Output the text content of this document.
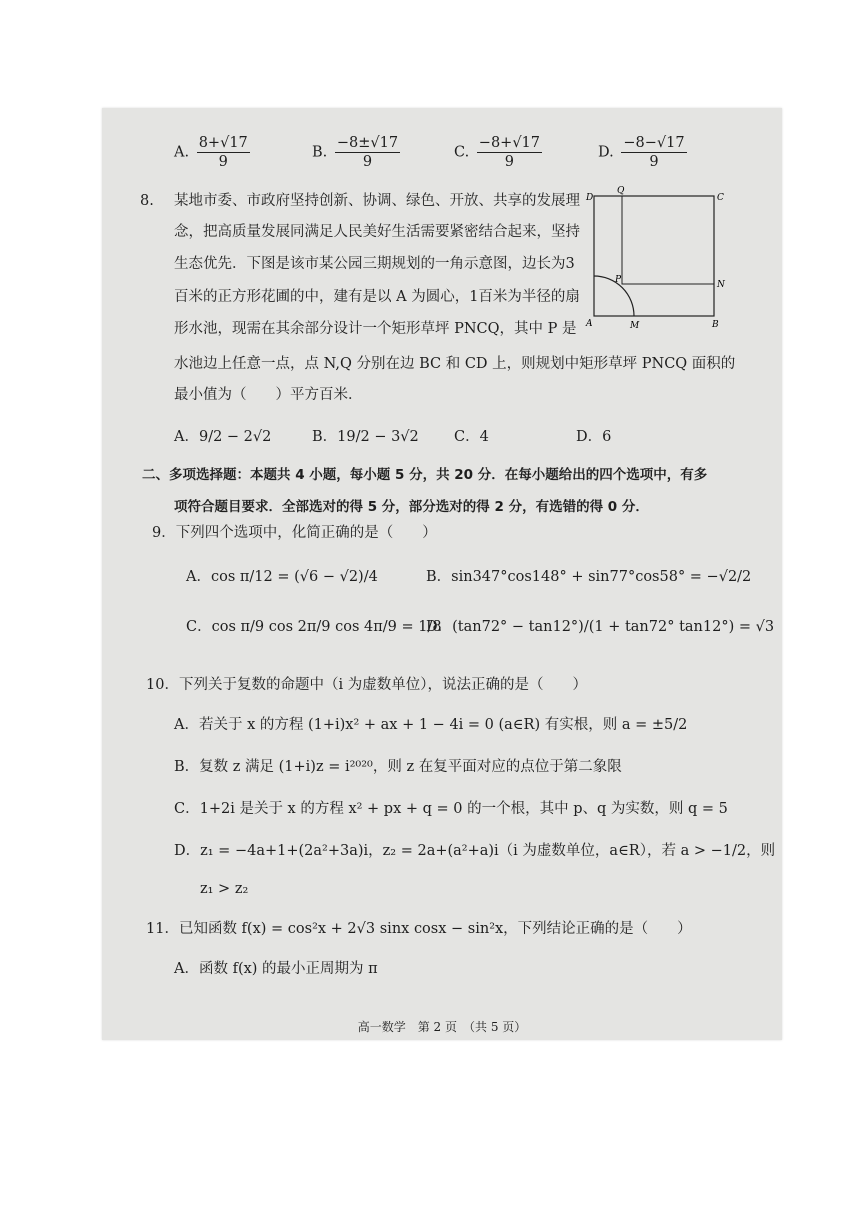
A. $\frac{8+√17}{9}$	B. $\frac{-8\pm√17}{9}$	C. $\frac{-8+√17}{9}$	D. $\frac{-8-√17}{9}$
8. 某地市委、市政府坚持创新、协调、绿色、开放、共享的发展理
念，把高质量发展同满足人民美好生活需要紧密结合起来，坚持
生态优先．下图是该市某公园三期规划的一角示意图，边长为3
百米的正方形花圃的中，建有是以 A 为圆心，1百米为半径的扇
形水池，现需在其余部分设计一个矩形草坪 PNCQ，其中 P 是
水池边上任意一点，点 N,Q 分别在边 BC 和 CD 上，则规划中矩形草坪 PNCQ 面积的
最小值为（　　）平方百米．
A．9/2 − 2√2	B．19/2 − 3√2 C．4	D．6
二、多项选择题：本题共 4 小题，每小题 5 分，共 20 分．在每小题给出的四个选项中，有多
项符合题目要求．全部选对的得 5 分，部分选对的得 2 分，有选错的得 0 分．
9．下列四个选项中，化简正确的是（　　）
A．cos π/12 = (√6 − √2)/4	B．sin347°cos148° + sin77°cos58° = −√2/2
C．cos π/9 cos 2π/9 cos 4π/9 = 1/8
D．(tan72° − tan12°)/(1 + tan72° tan12°) = √3
10．下列关于复数的命题中（i 为虚数单位），说法正确的是（　　）
A．若关于 x 的方程 (1+i)x² + ax + 1 − 4i = 0 (a∈R) 有实根，则 a = ±5/2
B．复数 z 满足 (1+i)z = i²⁰²⁰，则 z 在复平面对应的点位于第二象限
C．1+2i 是关于 x 的方程 x² + px + q = 0 的一个根，其中 p、q 为实数，则 q = 5
D．z₁ = −4a+1+(2a²+3a)i，z₂ = 2a+(a²+a)i（i 为虚数单位，a∈R），若 a > −1/2，则
z₁ > z₂
11．已知函数 f(x) = cos²x + 2√3 sinx cosx − sin²x，下列结论正确的是（　　）
A．函数 f(x) 的最小正周期为 π
高一数学　第 2 页　（共 5 页）
D
Q
C
P	N
A	M	B
